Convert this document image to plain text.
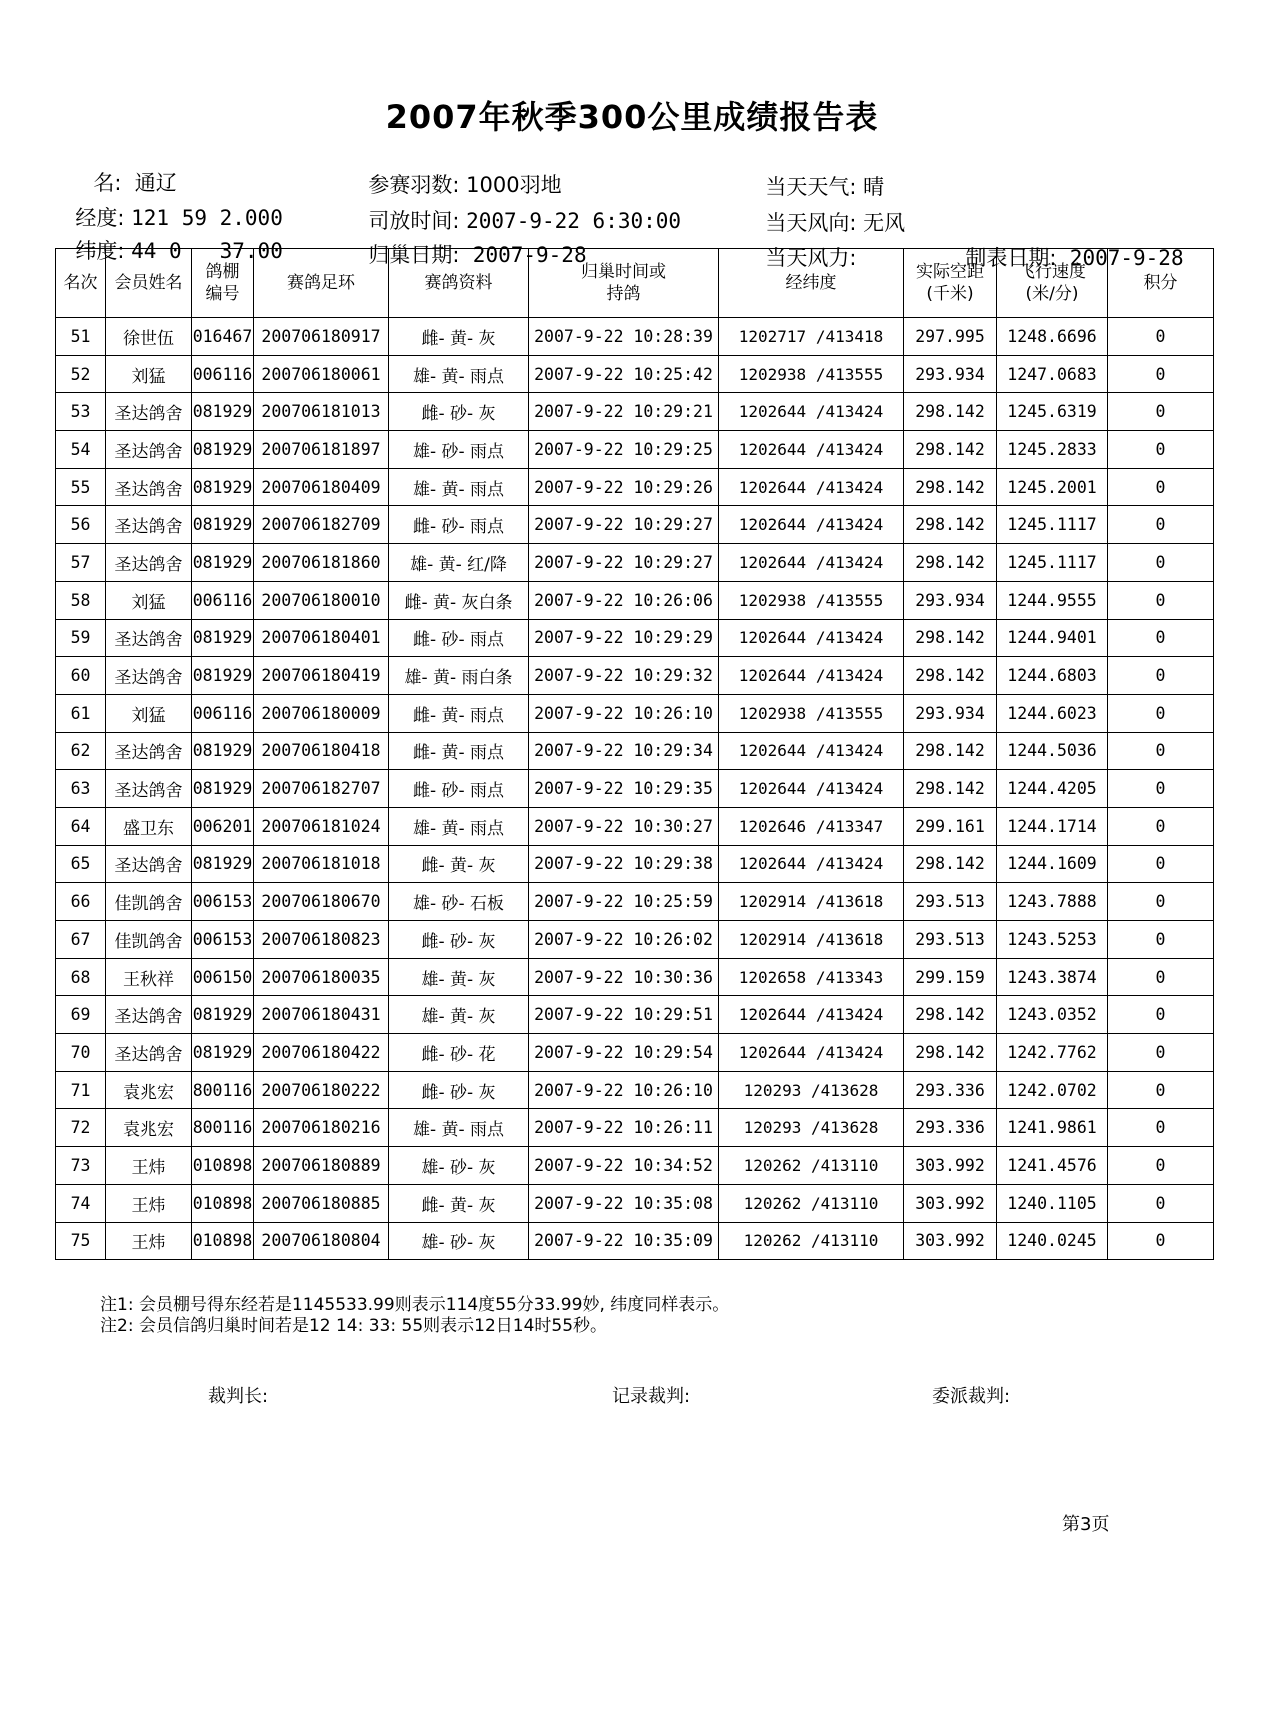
2007年秋季300公里成绩报告表

名: 通辽

经度: 121 59 2.000

纬度: 44 0   37.00

参赛羽数: 1000羽地

司放时间: 2007-9-22 6:30:00

归巢日期: 2007-9-28

当天天气: 晴

当天风向: 无风

当天风力:	制表日期: 2007-9-28

名次	会员姓名	鸽棚编号	赛鸽足环	赛鸽资料	归巢时间或持鸽	经纬度	实际空距(千米)	飞行速度(米/分)	积分
51	徐世伍	016467	200706180917	雌- 黄- 灰	2007-9-22 10:28:39	1202717 /413418	297.995	1248.6696	0
52	刘猛	006116	200706180061	雄- 黄- 雨点	2007-9-22 10:25:42	1202938 /413555	293.934	1247.0683	0
53	圣达鸽舍	081929	200706181013	雌- 砂- 灰	2007-9-22 10:29:21	1202644 /413424	298.142	1245.6319	0
54	圣达鸽舍	081929	200706181897	雄- 砂- 雨点	2007-9-22 10:29:25	1202644 /413424	298.142	1245.2833	0
55	圣达鸽舍	081929	200706180409	雄- 黄- 雨点	2007-9-22 10:29:26	1202644 /413424	298.142	1245.2001	0
56	圣达鸽舍	081929	200706182709	雌- 砂- 雨点	2007-9-22 10:29:27	1202644 /413424	298.142	1245.1117	0
57	圣达鸽舍	081929	200706181860	雄- 黄- 红/降	2007-9-22 10:29:27	1202644 /413424	298.142	1245.1117	0
58	刘猛	006116	200706180010	雌- 黄- 灰白条	2007-9-22 10:26:06	1202938 /413555	293.934	1244.9555	0
59	圣达鸽舍	081929	200706180401	雌- 砂- 雨点	2007-9-22 10:29:29	1202644 /413424	298.142	1244.9401	0
60	圣达鸽舍	081929	200706180419	雄- 黄- 雨白条	2007-9-22 10:29:32	1202644 /413424	298.142	1244.6803	0
61	刘猛	006116	200706180009	雌- 黄- 雨点	2007-9-22 10:26:10	1202938 /413555	293.934	1244.6023	0
62	圣达鸽舍	081929	200706180418	雌- 黄- 雨点	2007-9-22 10:29:34	1202644 /413424	298.142	1244.5036	0
63	圣达鸽舍	081929	200706182707	雌- 砂- 雨点	2007-9-22 10:29:35	1202644 /413424	298.142	1244.4205	0
64	盛卫东	006201	200706181024	雄- 黄- 雨点	2007-9-22 10:30:27	1202646 /413347	299.161	1244.1714	0
65	圣达鸽舍	081929	200706181018	雌- 黄- 灰	2007-9-22 10:29:38	1202644 /413424	298.142	1244.1609	0
66	佳凯鸽舍	006153	200706180670	雄- 砂- 石板	2007-9-22 10:25:59	1202914 /413618	293.513	1243.7888	0
67	佳凯鸽舍	006153	200706180823	雌- 砂- 灰	2007-9-22 10:26:02	1202914 /413618	293.513	1243.5253	0
68	王秋祥	006150	200706180035	雄- 黄- 灰	2007-9-22 10:30:36	1202658 /413343	299.159	1243.3874	0
69	圣达鸽舍	081929	200706180431	雄- 黄- 灰	2007-9-22 10:29:51	1202644 /413424	298.142	1243.0352	0
70	圣达鸽舍	081929	200706180422	雌- 砂- 花	2007-9-22 10:29:54	1202644 /413424	298.142	1242.7762	0
71	袁兆宏	800116	200706180222	雌- 砂- 灰	2007-9-22 10:26:10	120293 /413628	293.336	1242.0702	0
72	袁兆宏	800116	200706180216	雄- 黄- 雨点	2007-9-22 10:26:11	120293 /413628	293.336	1241.9861	0
73	王炜	010898	200706180889	雄- 砂- 灰	2007-9-22 10:34:52	120262 /413110	303.992	1241.4576	0
74	王炜	010898	200706180885	雌- 黄- 灰	2007-9-22 10:35:08	120262 /413110	303.992	1240.1105	0
75	王炜	010898	200706180804	雄- 砂- 灰	2007-9-22 10:35:09	120262 /413110	303.992	1240.0245	0
注1: 会员棚号得东经若是1145533.99则表示114度55分33.99妙, 纬度同样表示。
注2: 会员信鸽归巢时间若是12 14: 33: 55则表示12日14时55秒。
裁判长:	记录裁判:	委派裁判:
第3页
